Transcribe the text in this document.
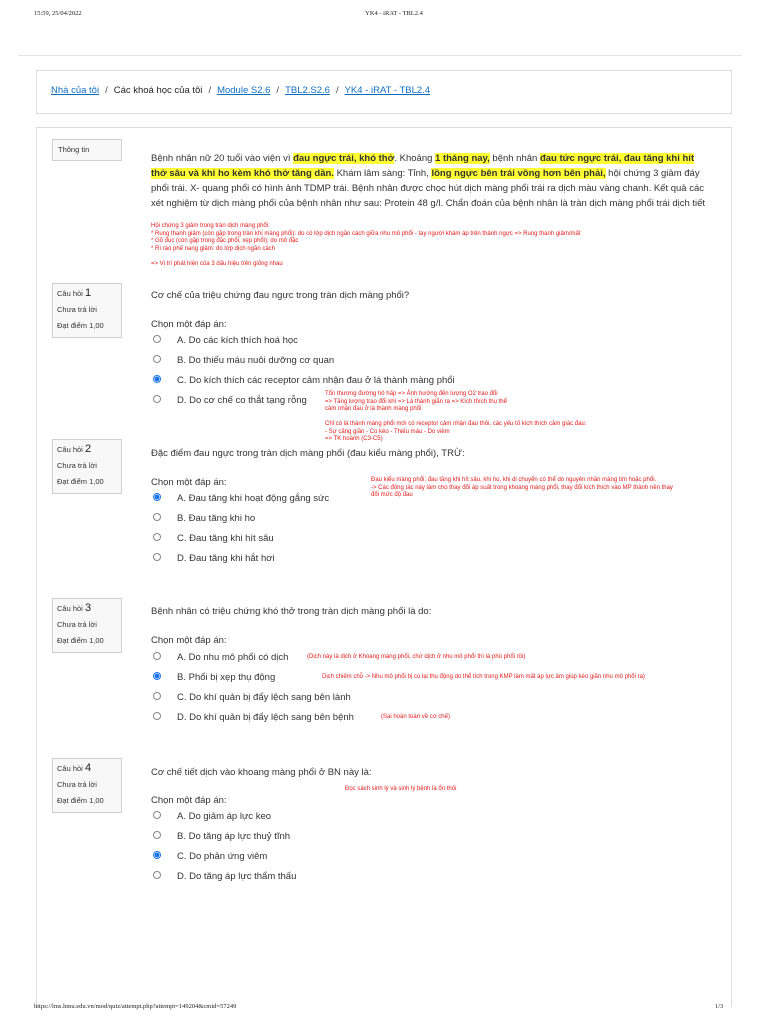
15:59, 25/04/2022	YK4 - iRAT - TBL2.4
Nhà của tôi / Các khoá học của tôi / Module S2.6 / TBL2.S2.6 / YK4 - iRAT - TBL2.4
Thông tin
Bệnh nhân nữ 20 tuổi vào viện vì đau ngực trái, khó thở. Khoảng 1 tháng nay, bệnh nhân đau tức ngực trái, đau tăng khi hít thở sâu và khi ho kèm khó thở tăng dần. Khám lâm sàng: Tỉnh, lồng ngực bên trái vồng hơn bên phải, hội chứng 3 giảm đáy phổi trái. X- quang phổi có hình ảnh TDMP trái. Bệnh nhân được chọc hút dịch màng phổi trái ra dịch màu vàng chanh. Kết quả các xét nghiệm từ dịch màng phổi của bệnh nhân như sau: Protein 48 g/l. Chẩn đoán của bệnh nhân là tràn dịch màng phổi trái dịch tiết
Hội chứng 3 giảm trong tràn dịch màng phổi:
* Rung thanh giảm (còn gặp trong tràn khí màng phổi): do có lớp dịch ngăn cách giữa nhu mô phổi - tay người khám áp trên thành ngực => Rung thanh giảm/mất
* Gõ đục (còn gặp trong đặc phổi, xẹp phổi): do mô đặc
* Rì rào phế nang giảm: do lớp dịch ngăn cách
=> Vị trí phát hiện của 3 dấu hiệu trên giống nhau
Câu hỏi 1
Chưa trả lời
Đạt điểm 1,00
Cơ chế của triệu chứng đau ngực trong tràn dịch màng phổi?
Chọn một đáp án:
A. Do các kích thích hoá học
B. Do thiếu máu nuôi dưỡng cơ quan
C. Do kích thích các receptor cảm nhận đau ở lá thành màng phổi
D. Do cơ chế co thắt tạng rỗng
Tổn thương đường hô hấp => Ảnh hưởng đến lượng O2 trao đổi
=> Tăng lượng trao đổi khí => Lá thành giãn ra => Kích thích thụ thể
cảm nhận đau ở lá thành màng phổi
Chỉ có lá thành màng phổi mới có receptor cảm nhận đau thôi, các yếu tố kích thích cảm giác đau:
- Sự căng giãn - Co kéo - Thiếu máu - Do viêm
=> TK hoành (C3-C5)
Câu hỏi 2
Chưa trả lời
Đạt điểm 1,00
Đặc điểm đau ngực trong tràn dịch màng phổi (đau kiểu màng phổi), TRỪ:
Chọn một đáp án:
A. Đau tăng khi hoạt động gắng sức
B. Đau tăng khi ho
C. Đau tăng khi hít sâu
D. Đau tăng khi hắt hơi
Đau kiểu màng phổi: đau tăng khi hít sâu, khi ho, khi di chuyển có thể do nguyên nhân màng tim hoặc phổi.
-> Các động tác này làm cho thay đổi áp suất trong khoang màng phổi, thay đổi kích thích vào MP thành nên thay
đổi mức độ đau
Câu hỏi 3
Chưa trả lời
Đạt điểm 1,00
Bệnh nhân có triệu chứng khó thở trong tràn dịch màng phổi là do:
Chọn một đáp án:
A. Do nhu mô phổi có dịch
B. Phổi bị xẹp thụ động
C. Do khí quản bị đẩy lệch sang bên lành
D. Do khí quản bị đẩy lệch sang bên bệnh
(Dịch này là dịch ở Khoang màng phổi, chứ dịch ở nhu mô phổi thì là phù phổi rồi)
Dịch chiếm chỗ -> Nhu mô phổi bị co lại thụ động do thể tích trong KMP làm mất áp lực âm giúp kéo giãn nhu mô phổi ra)
(Sai hoàn toàn về cơ chế)
Câu hỏi 4
Chưa trả lời
Đạt điểm 1,00
Cơ chế tiết dịch vào khoang màng phổi ở BN này là:
Đọc sách sinh lý và sinh lý bệnh là ổn thôi
Chọn một đáp án:
A. Do giảm áp lực keo
B. Do tăng áp lực thuỷ tĩnh
C. Do phản ứng viêm
D. Do tăng áp lực thẩm thấu
https://lms.hmu.edu.vn/mod/quiz/attempt.php?attempt=149204&cmid=57249	1/3
